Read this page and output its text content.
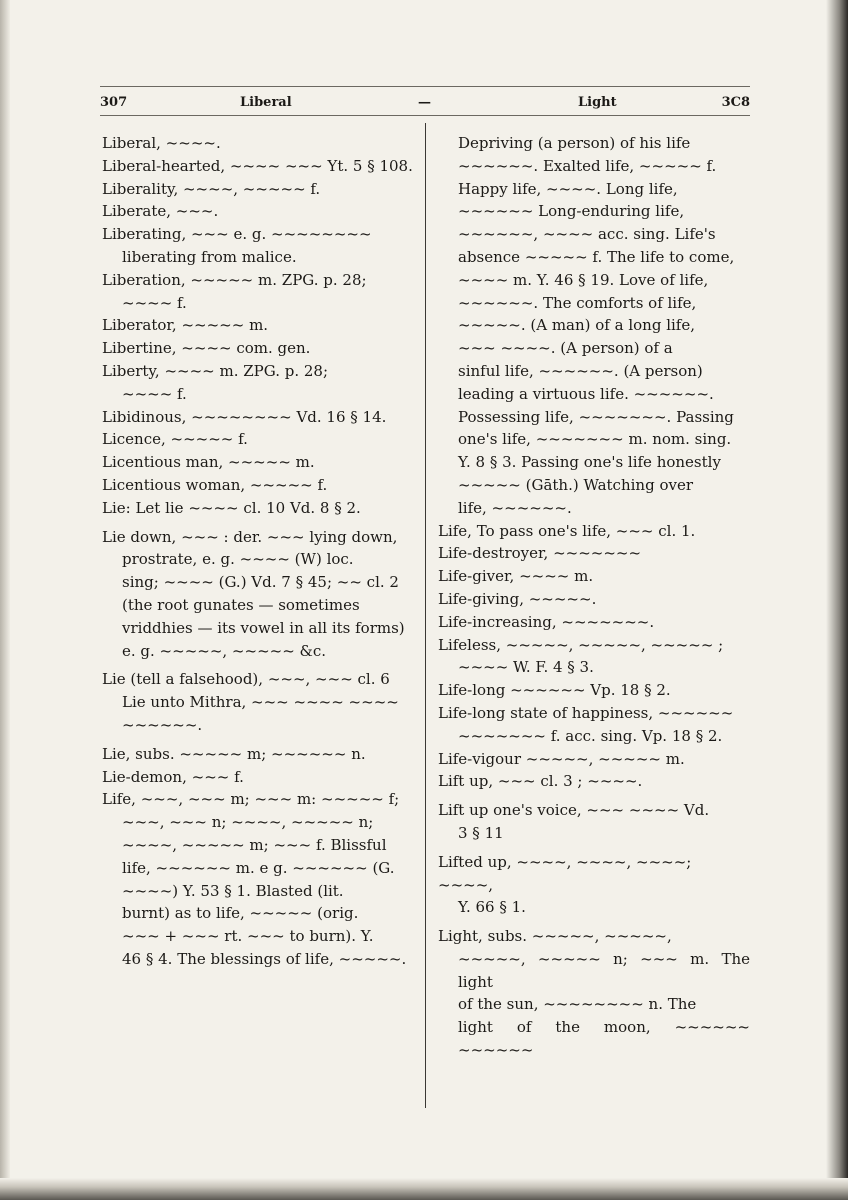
307	Liberal	—	Light	3C8
Liberal, ~~~~.
Liberal-hearted, ~~~~ ~~~ Yt. 5 § 108.
Liberality, ~~~~, ~~~~~ f.
Liberate, ~~~.
Liberating, ~~~ e. g. ~~~~~~~~
liberating from malice.
Liberation, ~~~~~ m. ZPG. p. 28;
~~~~ f.
Liberator, ~~~~~ m.
Libertine, ~~~~ com. gen.
Liberty, ~~~~ m. ZPG. p. 28;
~~~~ f.
Libidinous, ~~~~~~~~ Vd. 16 § 14.
Licence, ~~~~~ f.
Licentious man, ~~~~~ m.
Licentious woman, ~~~~~ f.
Lie: Let lie ~~~~ cl. 10 Vd. 8 § 2.
Lie down, ~~~ : der. ~~~ lying down,
prostrate, e. g. ~~~~ (W) loc.
sing; ~~~~ (G.) Vd. 7 § 45; ~~ cl. 2
(the root gunates — sometimes
vriddhies — its vowel in all its forms)
e. g. ~~~~~, ~~~~~ &c.
Lie (tell a falsehood), ~~~, ~~~ cl. 6
Lie unto Mithra, ~~~ ~~~~ ~~~~
~~~~~~.
Lie, subs. ~~~~~ m; ~~~~~~ n.
Lie-demon, ~~~ f.
Life, ~~~, ~~~ m; ~~~ m: ~~~~~ f;
~~~, ~~~ n; ~~~~, ~~~~~ n;
~~~~, ~~~~~ m; ~~~ f. Blissful
life, ~~~~~~ m. e g. ~~~~~~ (G.
~~~~) Y. 53 § 1. Blasted (lit.
burnt) as to life, ~~~~~ (orig.
~~~ + ~~~ rt. ~~~ to burn). Y.
46 § 4. The blessings of life, ~~~~~.
Depriving (a person) of his life
~~~~~~. Exalted life, ~~~~~ f.
Happy life, ~~~~. Long life,
~~~~~~ Long-enduring life,
~~~~~~, ~~~~ acc. sing. Life's
absence ~~~~~ f. The life to come,
~~~~ m. Y. 46 § 19. Love of life,
~~~~~~. The comforts of life,
~~~~~. (A man) of a long life,
~~~ ~~~~. (A person) of a
sinful life, ~~~~~~. (A person)
leading a virtuous life. ~~~~~~.
Possessing life, ~~~~~~~. Passing
one's life, ~~~~~~~ m. nom. sing.
Y. 8 § 3. Passing one's life honestly
~~~~~ (Gāth.) Watching over
life, ~~~~~~.
Life, To pass one's life, ~~~ cl. 1.
Life-destroyer, ~~~~~~~
Life-giver, ~~~~ m.
Life-giving, ~~~~~.
Life-increasing, ~~~~~~~.
Lifeless, ~~~~~, ~~~~~, ~~~~~ ;
~~~~ W. F. 4 § 3.
Life-long ~~~~~~ Vp. 18 § 2.
Life-long state of happiness, ~~~~~~
~~~~~~~ f. acc. sing. Vp. 18 § 2.
Life-vigour ~~~~~, ~~~~~ m.
Lift up, ~~~ cl. 3 ; ~~~~.
Lift up one's voice, ~~~ ~~~~ Vd.
3 § 11
Lifted up, ~~~~, ~~~~, ~~~~; ~~~~,
Y. 66 § 1.
Light, subs. ~~~~~, ~~~~~,
~~~~~, ~~~~~ n; ~~~ m. The light
of the sun, ~~~~~~~~ n. The
light of the moon, ~~~~~~ ~~~~~~
